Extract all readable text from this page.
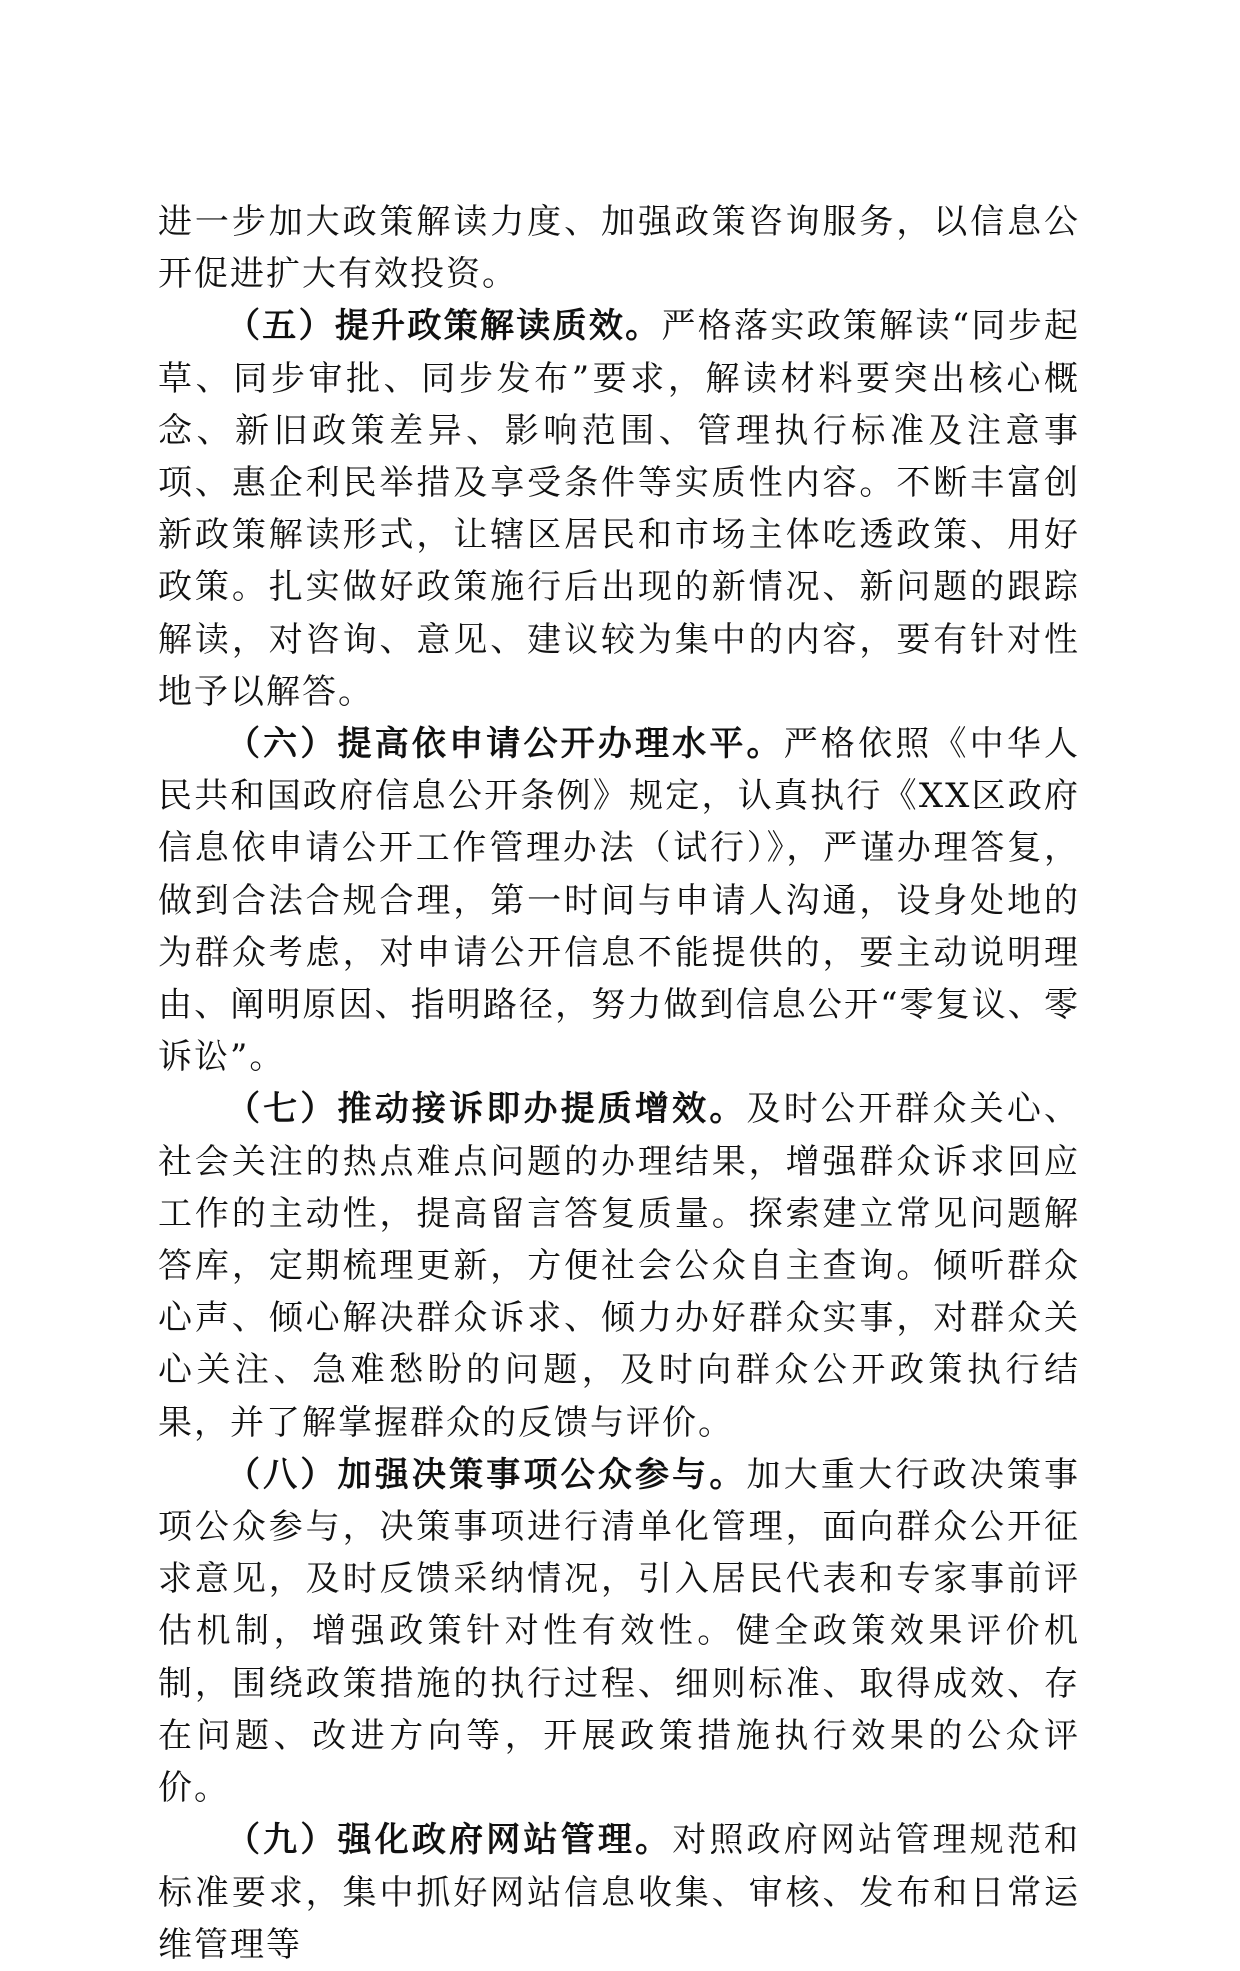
进一步加大政策解读力度、加强政策咨询服务，以信息公开促进扩大有效投资。

（五）提升政策解读质效。严格落实政策解读“同步起草、同步审批、同步发布”要求，解读材料要突出核心概念、新旧政策差异、影响范围、管理执行标准及注意事项、惠企利民举措及享受条件等实质性内容。不断丰富创新政策解读形式，让辖区居民和市场主体吃透政策、用好政策。扎实做好政策施行后出现的新情况、新问题的跟踪解读，对咨询、意见、建议较为集中的内容，要有针对性地予以解答。

（六）提高依申请公开办理水平。严格依照《中华人民共和国政府信息公开条例》规定，认真执行《XX区政府信息依申请公开工作管理办法（试行）》，严谨办理答复，做到合法合规合理，第一时间与申请人沟通，设身处地的为群众考虑，对申请公开信息不能提供的，要主动说明理由、阐明原因、指明路径，努力做到信息公开“零复议、零诉讼”。

（七）推动接诉即办提质增效。及时公开群众关心、社会关注的热点难点问题的办理结果，增强群众诉求回应工作的主动性，提高留言答复质量。探索建立常见问题解答库，定期梳理更新，方便社会公众自主查询。倾听群众心声、倾心解决群众诉求、倾力办好群众实事，对群众关心关注、急难愁盼的问题，及时向群众公开政策执行结果，并了解掌握群众的反馈与评价。

（八）加强决策事项公众参与。加大重大行政决策事项公众参与，决策事项进行清单化管理，面向群众公开征求意见，及时反馈采纳情况，引入居民代表和专家事前评估机制，增强政策针对性有效性。健全政策效果评价机制，围绕政策措施的执行过程、细则标准、取得成效、存在问题、改进方向等，开展政策措施执行效果的公众评价。

（九）强化政府网站管理。对照政府网站管理规范和标准要求，集中抓好网站信息收集、审核、发布和日常运维管理等
